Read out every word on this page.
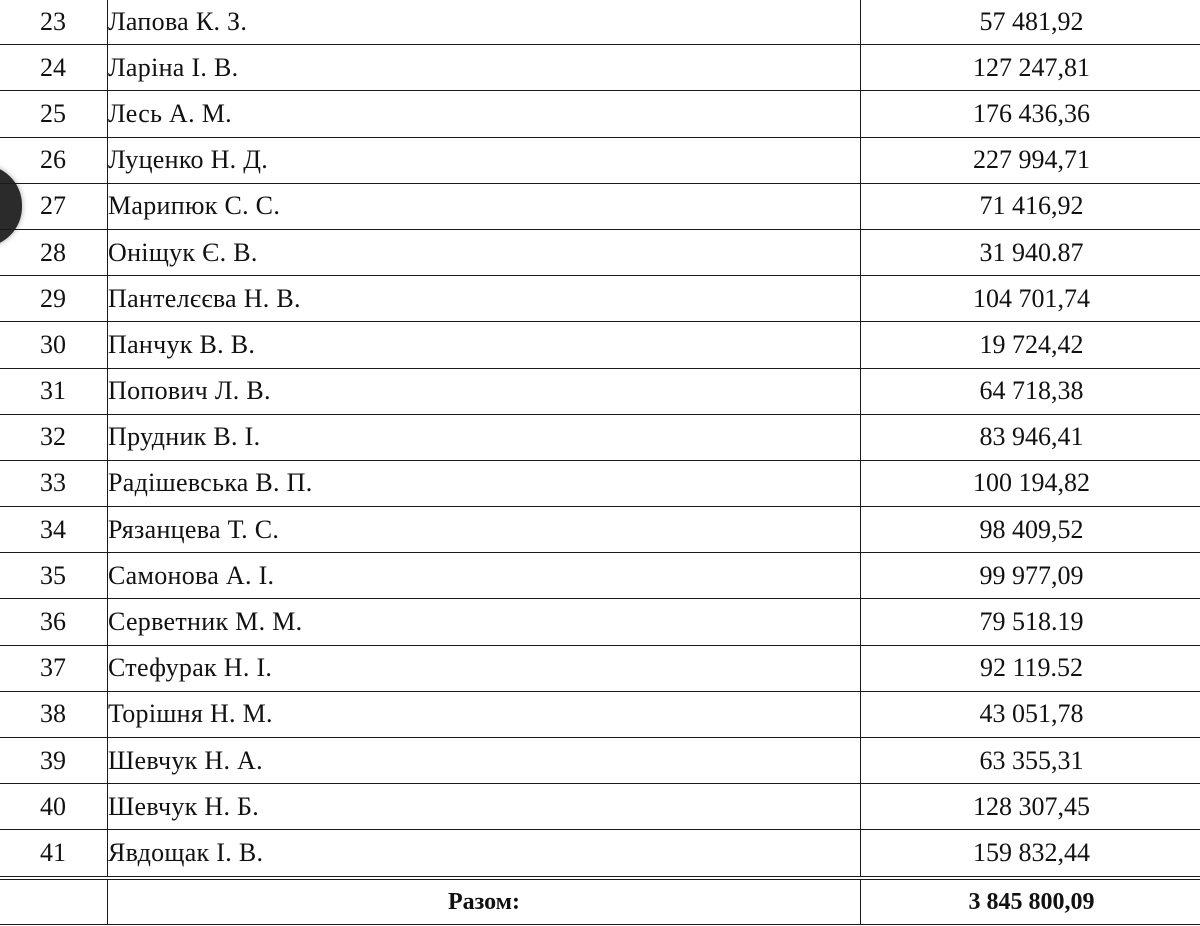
23	Лапова К. З.	57 481,92
24	Ларіна І. В.	127 247,81
25	Лесь А. М.	176 436,36
26	Луценко Н. Д.	227 994,71
27	Марипюк С. С.	71 416,92
28	Оніщук Є. В.	31 940.87
29	Пантелєєва Н. В.	104 701,74
30	Панчук В. В.	19 724,42
31	Попович Л. В.	64 718,38
32	Прудник В. І.	83 946,41
33	Радішевська В. П.	100 194,82
34	Рязанцева Т. С.	98 409,52
35	Самонова А. І.	99 977,09
36	Серветник М. М.	79 518.19
37	Стефурак Н. І.	92 119.52
38	Торішня Н. М.	43 051,78
39	Шевчук Н. А.	63 355,31
40	Шевчук Н. Б.	128 307,45
41	Явдощак І. В.	159 832,44
	Разом:	3 845 800,09
